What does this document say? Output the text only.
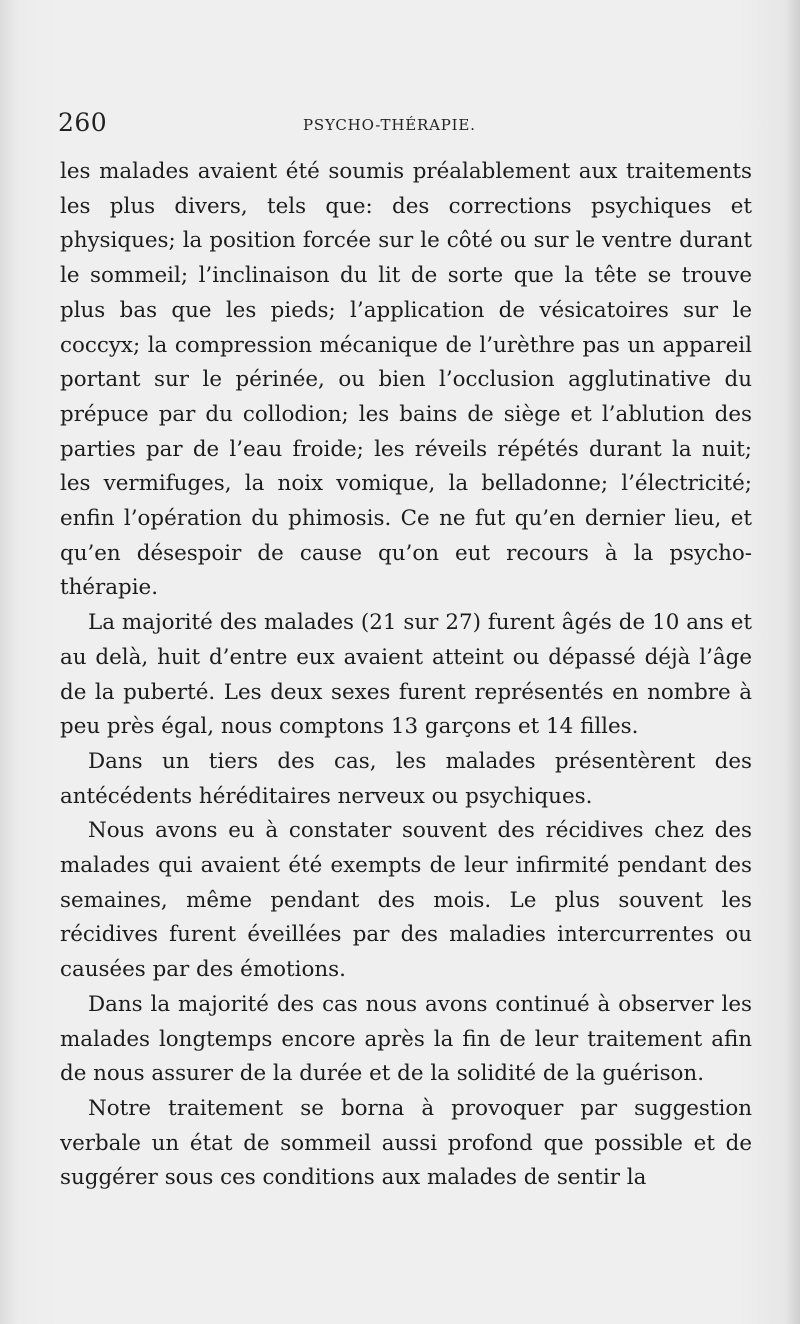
260	PSYCHO-THÉRAPIE.

les malades avaient été soumis préalablement aux traitements les plus divers, tels que: des corrections psychiques et physiques; la position forcée sur le côté ou sur le ventre durant le sommeil; l’inclinaison du lit de sorte que la tête se trouve plus bas que les pieds; l’application de vésicatoires sur le coccyx; la compression mécanique de l’urèthre pas un appareil portant sur le périnée, ou bien l’occlusion agglutinative du prépuce par du collodion; les bains de siège et l’ablution des parties par de l’eau froide; les réveils répétés durant la nuit; les vermifuges, la noix vomique, la belladonne; l’électricité; enfin l’opération du phimosis. Ce ne fut qu’en dernier lieu, et qu’en désespoir de cause qu’on eut recours à la psycho-thérapie.

La majorité des malades (21 sur 27) furent âgés de 10 ans et au delà, huit d’entre eux avaient atteint ou dépassé déjà l’âge de la puberté. Les deux sexes furent représentés en nombre à peu près égal, nous comptons 13 garçons et 14 filles.

Dans un tiers des cas, les malades présentèrent des antécédents héréditaires nerveux ou psychiques.

Nous avons eu à constater souvent des récidives chez des malades qui avaient été exempts de leur infirmité pendant des semaines, même pendant des mois. Le plus souvent les récidives furent éveillées par des maladies intercurrentes ou causées par des émotions.

Dans la majorité des cas nous avons continué à observer les malades longtemps encore après la fin de leur traitement afin de nous assurer de la durée et de la solidité de la guérison.

Notre traitement se borna à provoquer par suggestion verbale un état de sommeil aussi profond que possible et de suggérer sous ces conditions aux malades de sentir la
